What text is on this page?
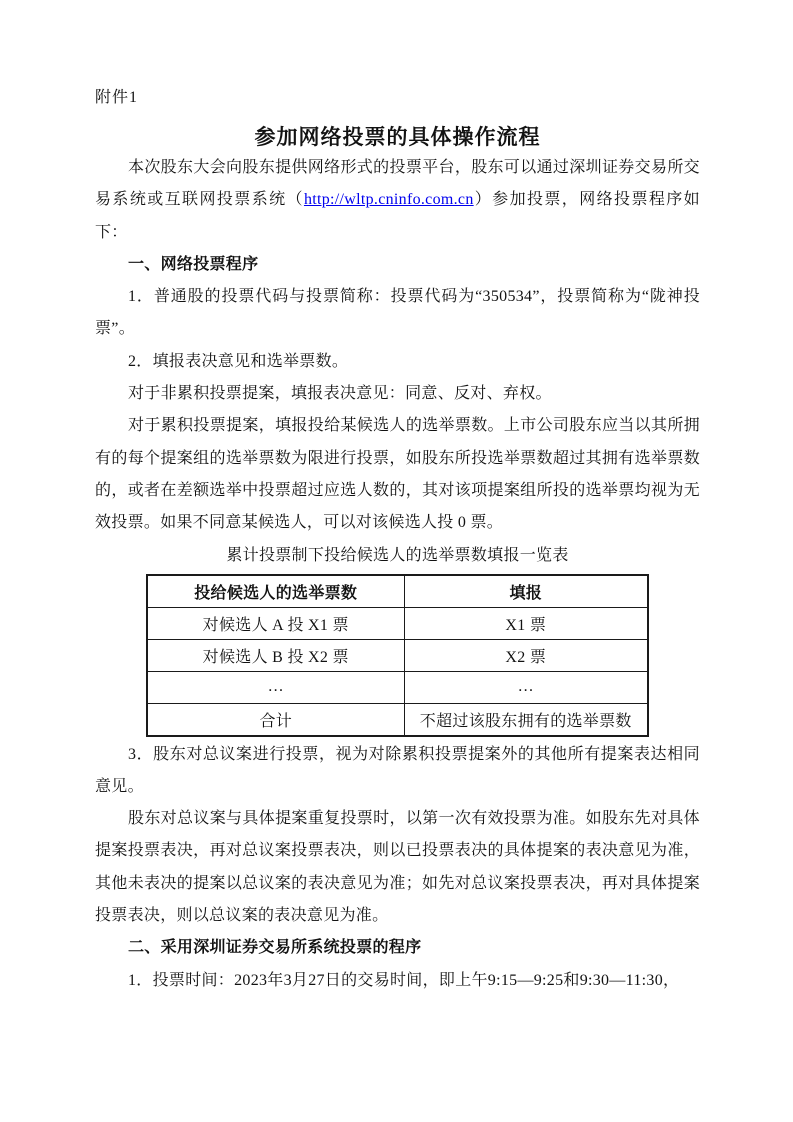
附件1
参加网络投票的具体操作流程

本次股东大会向股东提供网络形式的投票平台，股东可以通过深圳证券交易所交易系统或互联网投票系统（http://wltp.cninfo.com.cn）参加投票，网络投票程序如下：

一、网络投票程序

1．普通股的投票代码与投票简称：投票代码为“350534”，投票简称为“陇神投票”。

2．填报表决意见和选举票数。

对于非累积投票提案，填报表决意见：同意、反对、弃权。

对于累积投票提案，填报投给某候选人的选举票数。上市公司股东应当以其所拥有的每个提案组的选举票数为限进行投票，如股东所投选举票数超过其拥有选举票数的，或者在差额选举中投票超过应选人数的，其对该项提案组所投的选举票均视为无效投票。如果不同意某候选人，可以对该候选人投 0 票。

累计投票制下投给候选人的选举票数填报一览表

投给候选人的选举票数	填报
对候选人 A 投 X1 票	X1 票
对候选人 B 投 X2 票	X2 票
…	…
合计	不超过该股东拥有的选举票数

3．股东对总议案进行投票，视为对除累积投票提案外的其他所有提案表达相同意见。

股东对总议案与具体提案重复投票时，以第一次有效投票为准。如股东先对具体提案投票表决，再对总议案投票表决，则以已投票表决的具体提案的表决意见为准，其他未表决的提案以总议案的表决意见为准；如先对总议案投票表决，再对具体提案投票表决，则以总议案的表决意见为准。

二、采用深圳证券交易所系统投票的程序

1．投票时间：2023年3月27日的交易时间，即上午9:15—9:25和9:30—11:30，
